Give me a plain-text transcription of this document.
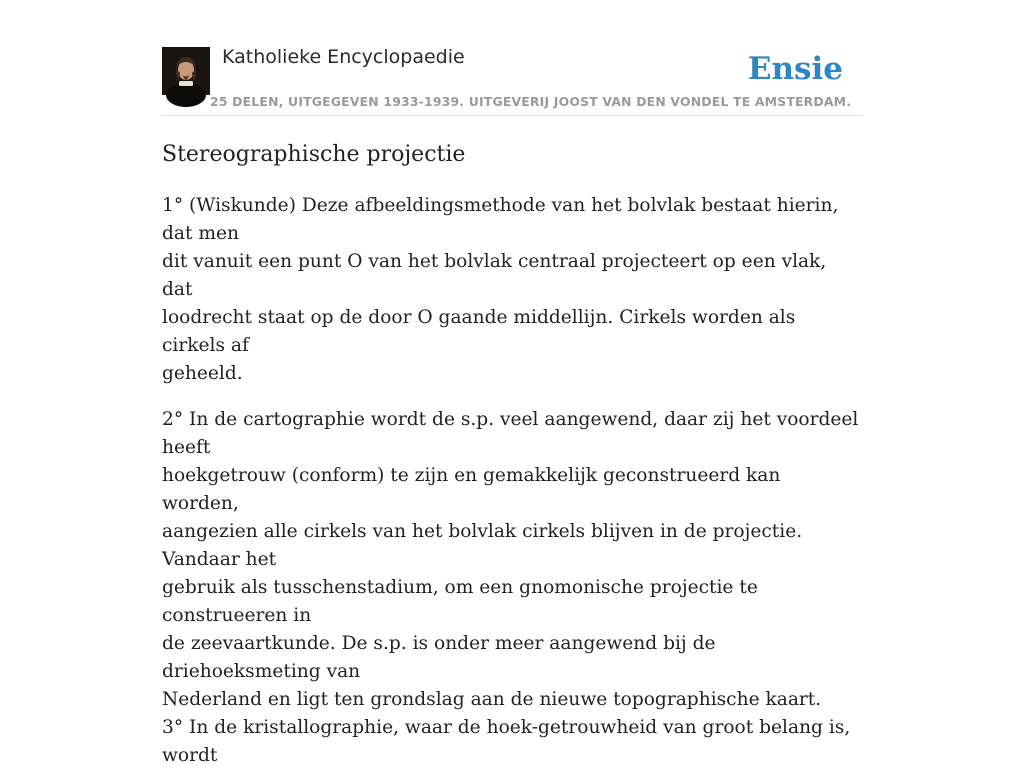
Katholieke Encyclopaedie	Ensie
25 DELEN, UITGEGEVEN 1933-1939. UITGEVERIJ JOOST VAN DEN VONDEL TE AMSTERDAM.
Stereographische projectie

1° (Wiskunde) Deze afbeeldingsmethode van het bolvlak bestaat hierin, dat men
dit vanuit een punt O van het bolvlak centraal projecteert op een vlak, dat
loodrecht staat op de door O gaande middellijn. Cirkels worden als cirkels af
geheeld.

2° In de cartographie wordt de s.p. veel aangewend, daar zij het voordeel heeft
hoekgetrouw (conform) te zijn en gemakkelijk geconstrueerd kan worden,
aangezien alle cirkels van het bolvlak cirkels blijven in de projectie. Vandaar het
gebruik als tusschenstadium, om een gnomonische projectie te construeeren in
de zeevaartkunde. De s.p. is onder meer aangewend bij de driehoeksmeting van
Nederland en ligt ten grondslag aan de nieuwe topographische kaart.

3° In de kristallographie, waar de hoek-getrouwheid van groot belang is, wordt
